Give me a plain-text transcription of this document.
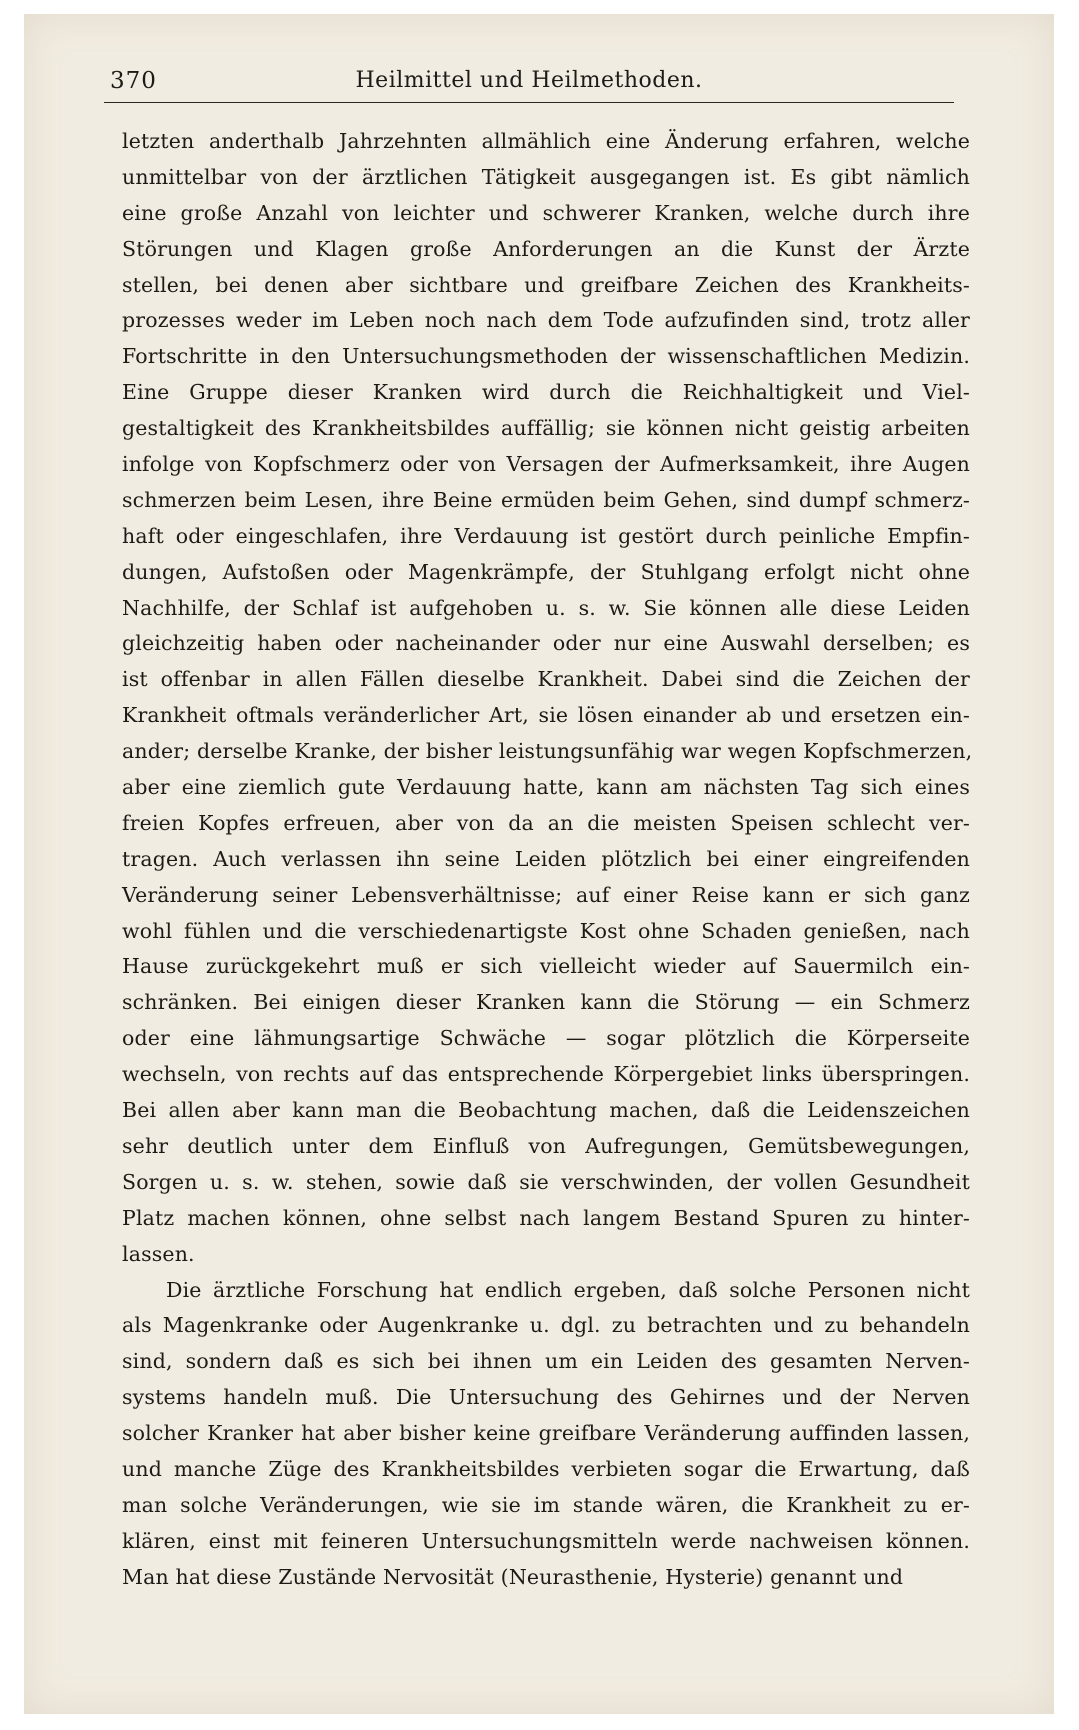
370	Heilmittel und Heilmethoden.
letzten anderthalb Jahrzehnten allmählich eine Änderung erfahren, welche
unmittelbar von der ärztlichen Tätigkeit ausgegangen ist. Es gibt nämlich
eine große Anzahl von leichter und schwerer Kranken, welche durch ihre
Störungen und Klagen große Anforderungen an die Kunst der Ärzte
stellen, bei denen aber sichtbare und greifbare Zeichen des Krankheits-
prozesses weder im Leben noch nach dem Tode aufzufinden sind, trotz aller
Fortschritte in den Untersuchungsmethoden der wissenschaftlichen Medizin.
Eine Gruppe dieser Kranken wird durch die Reichhaltigkeit und Viel-
gestaltigkeit des Krankheitsbildes auffällig; sie können nicht geistig arbeiten
infolge von Kopfschmerz oder von Versagen der Aufmerksamkeit, ihre Augen
schmerzen beim Lesen, ihre Beine ermüden beim Gehen, sind dumpf schmerz-
haft oder eingeschlafen, ihre Verdauung ist gestört durch peinliche Empfin-
dungen, Aufstoßen oder Magenkrämpfe, der Stuhlgang erfolgt nicht ohne
Nachhilfe, der Schlaf ist aufgehoben u. s. w. Sie können alle diese Leiden
gleichzeitig haben oder nacheinander oder nur eine Auswahl derselben; es
ist offenbar in allen Fällen dieselbe Krankheit. Dabei sind die Zeichen der
Krankheit oftmals veränderlicher Art, sie lösen einander ab und ersetzen ein-
ander; derselbe Kranke, der bisher leistungsunfähig war wegen Kopfschmerzen,
aber eine ziemlich gute Verdauung hatte, kann am nächsten Tag sich eines
freien Kopfes erfreuen, aber von da an die meisten Speisen schlecht ver-
tragen. Auch verlassen ihn seine Leiden plötzlich bei einer eingreifenden
Veränderung seiner Lebensverhältnisse; auf einer Reise kann er sich ganz
wohl fühlen und die verschiedenartigste Kost ohne Schaden genießen, nach
Hause zurückgekehrt muß er sich vielleicht wieder auf Sauermilch ein-
schränken. Bei einigen dieser Kranken kann die Störung — ein Schmerz
oder eine lähmungsartige Schwäche — sogar plötzlich die Körperseite
wechseln, von rechts auf das entsprechende Körpergebiet links überspringen.
Bei allen aber kann man die Beobachtung machen, daß die Leidenszeichen
sehr deutlich unter dem Einfluß von Aufregungen, Gemütsbewegungen,
Sorgen u. s. w. stehen, sowie daß sie verschwinden, der vollen Gesundheit
Platz machen können, ohne selbst nach langem Bestand Spuren zu hinter-
lassen.
Die ärztliche Forschung hat endlich ergeben, daß solche Personen nicht
als Magenkranke oder Augenkranke u. dgl. zu betrachten und zu behandeln
sind, sondern daß es sich bei ihnen um ein Leiden des gesamten Nerven-
systems handeln muß. Die Untersuchung des Gehirnes und der Nerven
solcher Kranker hat aber bisher keine greifbare Veränderung auffinden lassen,
und manche Züge des Krankheitsbildes verbieten sogar die Erwartung, daß
man solche Veränderungen, wie sie im stande wären, die Krankheit zu er-
klären, einst mit feineren Untersuchungsmitteln werde nachweisen können.
Man hat diese Zustände Nervosität (Neurasthenie, Hysterie) genannt und
